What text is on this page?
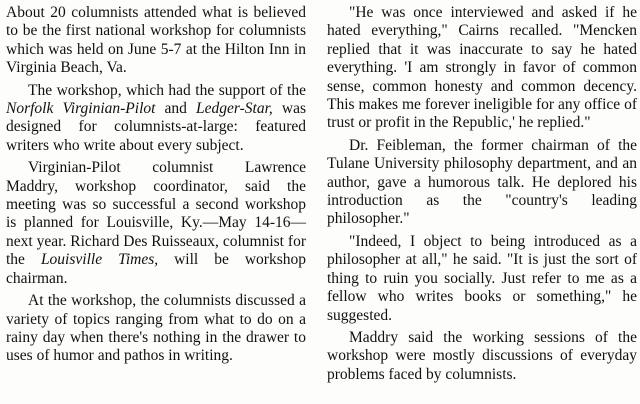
About 20 columnists attended what is believed to be the first national workshop for columnists which was held on June 5-7 at the Hilton Inn in Virginia Beach, Va.

The workshop, which had the support of the Norfolk Virginian-Pilot and Ledger-Star, was designed for columnists-at-large: featured writers who write about every subject.

Virginian-Pilot columnist Lawrence Maddry, workshop coordinator, said the meeting was so successful a second workshop is planned for Louisville, Ky.—May 14-16—next year. Richard Des Ruisseaux, columnist for the Louisville Times, will be workshop chairman.

At the workshop, the columnists discussed a variety of topics ranging from what to do on a rainy day when there's nothing in the drawer to uses of humor and pathos in writing.

"He was once interviewed and asked if he hated everything," Cairns recalled. "Mencken replied that it was inaccurate to say he hated everything. 'I am strongly in favor of common sense, common honesty and common decency. This makes me forever ineligible for any office of trust or profit in the Republic,' he replied."

Dr. Feibleman, the former chairman of the Tulane University philosophy department, and an author, gave a humorous talk. He deplored his introduction as the "country's leading philosopher."

"Indeed, I object to being introduced as a philosopher at all," he said. "It is just the sort of thing to ruin you socially. Just refer to me as a fellow who writes books or something," he suggested.

Maddry said the working sessions of the workshop were mostly discussions of everyday problems faced by columnists.
